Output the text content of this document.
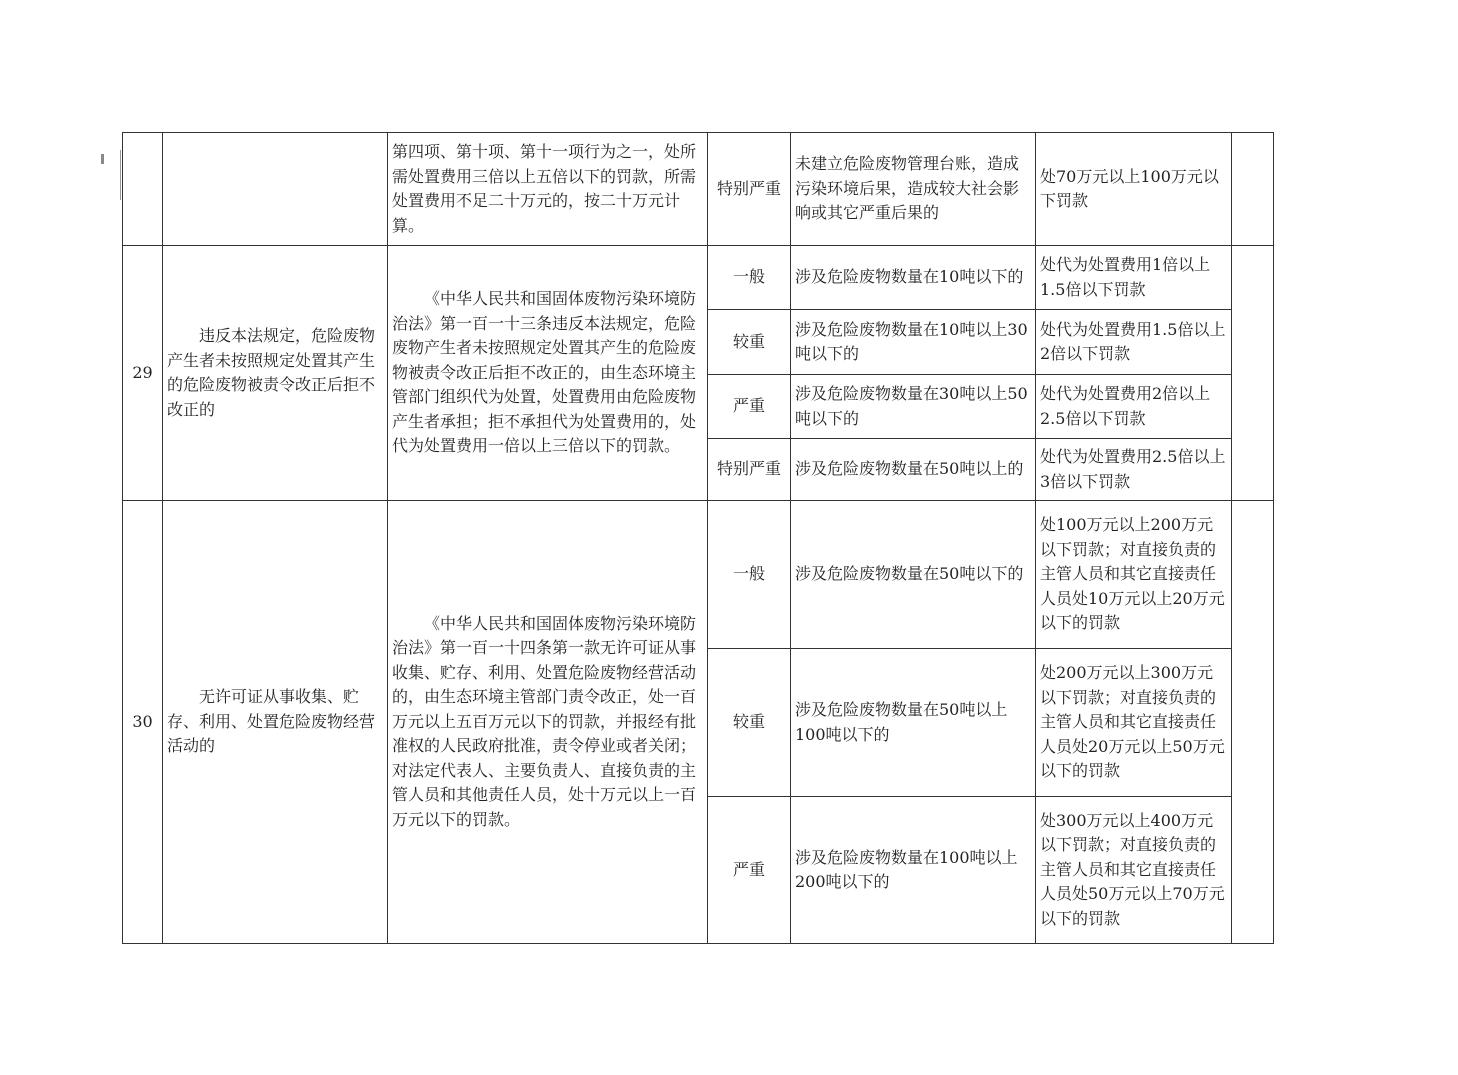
		第四项、第十项、第十一项行为之一，处所需处置费用三倍以上五倍以下的罚款，所需处置费用不足二十万元的，按二十万元计算。	特别严重	未建立危险废物管理台账，造成污染环境后果，造成较大社会影响或其它严重后果的	处70万元以上100万元以下罚款	
29	违反本法规定，危险废物产生者未按照规定处置其产生的危险废物被责令改正后拒不改正的	《中华人民共和国固体废物污染环境防治法》第一百一十三条违反本法规定，危险废物产生者未按照规定处置其产生的危险废物被责令改正后拒不改正的，由生态环境主管部门组织代为处置，处置费用由危险废物产生者承担；拒不承担代为处置费用的，处代为处置费用一倍以上三倍以下的罚款。	一般	涉及危险废物数量在10吨以下的	处代为处置费用1倍以上1.5倍以下罚款	
			较重	涉及危险废物数量在10吨以上30吨以下的	处代为处置费用1.5倍以上2倍以下罚款	
			严重	涉及危险废物数量在30吨以上50吨以下的	处代为处置费用2倍以上2.5倍以下罚款	
			特别严重	涉及危险废物数量在50吨以上的	处代为处置费用2.5倍以上3倍以下罚款	
30	无许可证从事收集、贮存、利用、处置危险废物经营活动的	《中华人民共和国固体废物污染环境防治法》第一百一十四条第一款无许可证从事收集、贮存、利用、处置危险废物经营活动的，由生态环境主管部门责令改正，处一百万元以上五百万元以下的罚款，并报经有批准权的人民政府批准，责令停业或者关闭；对法定代表人、主要负责人、直接负责的主管人员和其他责任人员，处十万元以上一百万元以下的罚款。	一般	涉及危险废物数量在50吨以下的	处100万元以上200万元以下罚款；对直接负责的主管人员和其它直接责任人员处10万元以上20万元以下的罚款	
			较重	涉及危险废物数量在50吨以上100吨以下的	处200万元以上300万元以下罚款；对直接负责的主管人员和其它直接责任人员处20万元以上50万元以下的罚款	
			严重	涉及危险废物数量在100吨以上200吨以下的	处300万元以上400万元以下罚款；对直接负责的主管人员和其它直接责任人员处50万元以上70万元以下的罚款	
